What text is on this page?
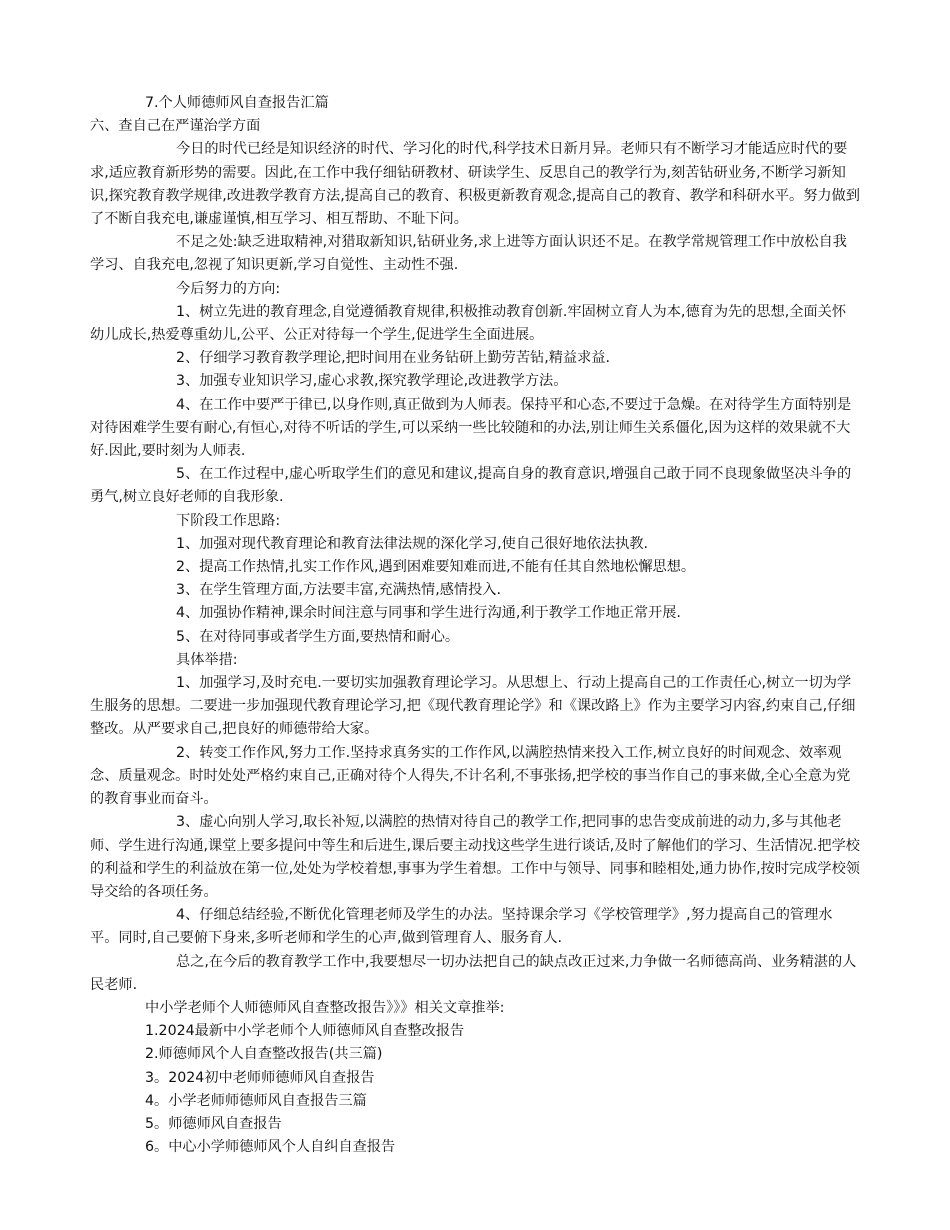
7.个人师德师风自查报告汇篇

六、查自己在严谨治学方面

今日的时代已经是知识经济的时代、学习化的时代,科学技术日新月异。老师只有不断学习才能适应时代的要求,适应教育新形势的需要。因此,在工作中我仔细钻研教材、研读学生、反思自己的教学行为,刻苦钻研业务,不断学习新知识,探究教育教学规律,改进教学教育方法,提高自己的教育、积极更新教育观念,提高自己的教育、教学和科研水平。努力做到了不断自我充电,谦虚谨慎,相互学习、相互帮助、不耻下问。

不足之处:缺乏进取精神,对猎取新知识,钻研业务,求上进等方面认识还不足。在教学常规管理工作中放松自我学习、自我充电,忽视了知识更新,学习自觉性、主动性不强.

今后努力的方向:

1、树立先进的教育理念,自觉遵循教育规律,积极推动教育创新.牢固树立育人为本,德育为先的思想,全面关怀幼儿成长,热爱尊重幼儿,公平、公正对待每一个学生,促进学生全面进展。

2、仔细学习教育教学理论,把时间用在业务钻研上勤劳苦钻,精益求益.

3、加强专业知识学习,虚心求教,探究教学理论,改进教学方法。

4、在工作中要严于律已,以身作则,真正做到为人师表。保持平和心态,不要过于急燥。在对待学生方面特别是对待困难学生要有耐心,有恒心,对待不听话的学生,可以采纳一些比较随和的办法,别让师生关系僵化,因为这样的效果就不大好.因此,要时刻为人师表.

5、在工作过程中,虚心听取学生们的意见和建议,提高自身的教育意识,增强自己敢于同不良现象做坚决斗争的勇气,树立良好老师的自我形象.

下阶段工作思路:

1、加强对现代教育理论和教育法律法规的深化学习,使自己很好地依法执教.

2、提高工作热情,扎实工作作风,遇到困难要知难而进,不能有任其自然地松懈思想。

3、在学生管理方面,方法要丰富,充满热情,感情投入.

4、加强协作精神,课余时间注意与同事和学生进行沟通,利于教学工作地正常开展.

5、在对待同事或者学生方面,要热情和耐心。

具体举措:

1、加强学习,及时充电.一要切实加强教育理论学习。从思想上、行动上提高自己的工作责任心,树立一切为学生服务的思想。二要进一步加强现代教育理论学习,把《现代教育理论学》和《课改路上》作为主要学习内容,约束自己,仔细整改。从严要求自己,把良好的师德带给大家。

2、转变工作作风,努力工作.坚持求真务实的工作作风,以满腔热情来投入工作,树立良好的时间观念、效率观念、质量观念。时时处处严格约束自己,正确对待个人得失,不计名利,不事张扬,把学校的事当作自己的事来做,全心全意为党的教育事业而奋斗。

3、虚心向别人学习,取长补短,以满腔的热情对待自己的教学工作,把同事的忠告变成前进的动力,多与其他老师、学生进行沟通,课堂上要多提问中等生和后进生,课后要主动找这些学生进行谈话,及时了解他们的学习、生活情况.把学校的利益和学生的利益放在第一位,处处为学校着想,事事为学生着想。工作中与领导、同事和睦相处,通力协作,按时完成学校领导交给的各项任务。

4、仔细总结经验,不断优化管理老师及学生的办法。坚持课余学习《学校管理学》,努力提高自己的管理水平。同时,自己要俯下身来,多听老师和学生的心声,做到管理育人、服务育人.

总之,在今后的教育教学工作中,我要想尽一切办法把自己的缺点改正过来,力争做一名师德高尚、业务精湛的人民老师.

中小学老师个人师德师风自查整改报告》》》相关文章推举:

1.2024最新中小学老师个人师德师风自查整改报告

2.师德师风个人自查整改报告(共三篇)

3。2024初中老师师德师风自查报告

4。小学老师师德师风自查报告三篇

5。师德师风自查报告

6。中心小学师德师风个人自纠自查报告
